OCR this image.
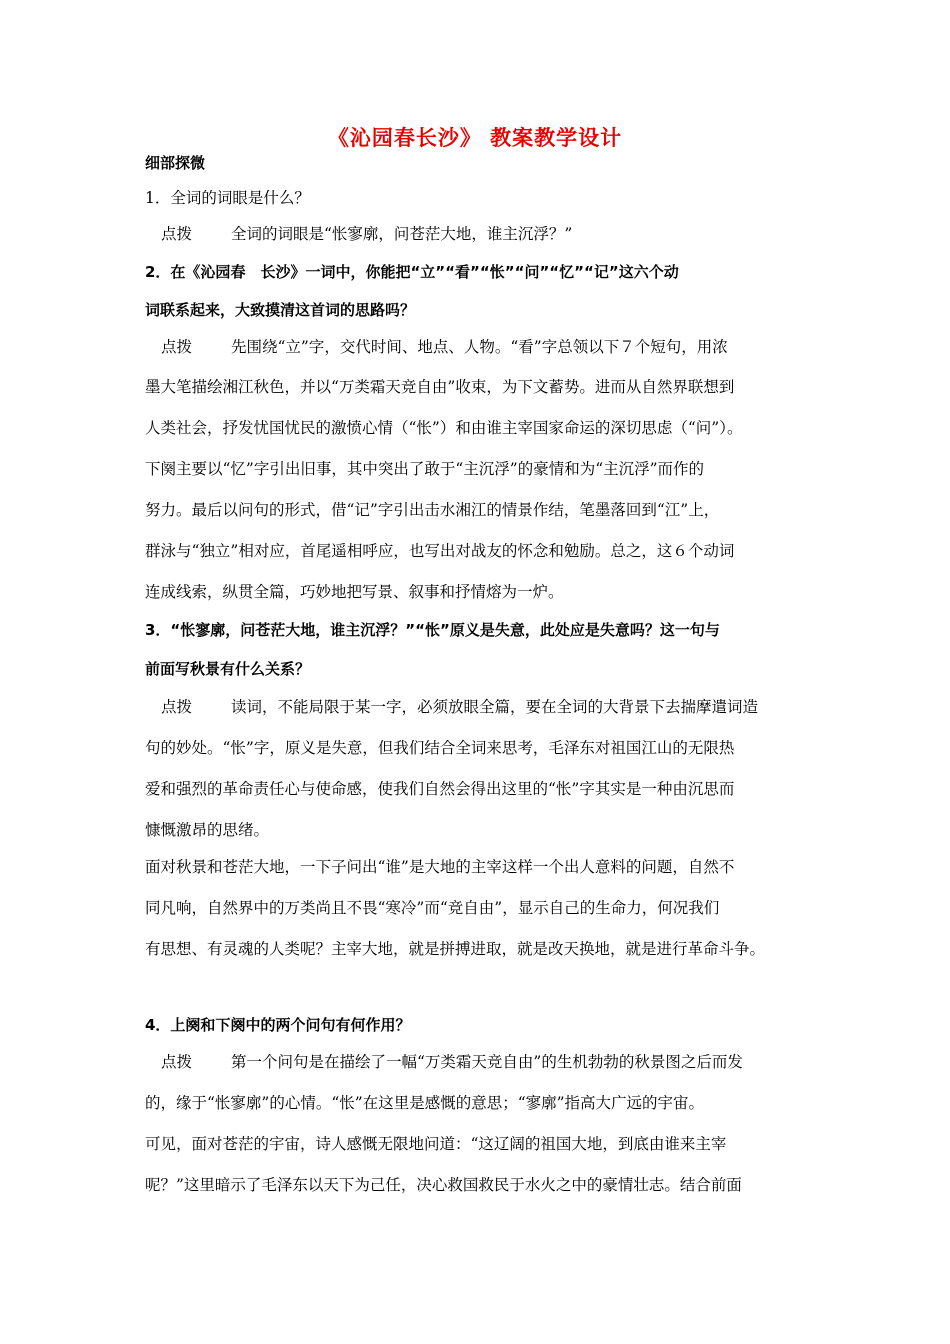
《沁园春长沙》 教案教学设计
细部探微
1．全词的词眼是什么？
点拨	全词的词眼是“怅寥廓，问苍茫大地，谁主沉浮？”
2．在《沁园春　长沙》一词中，你能把“立”“看”“怅”“问”“忆”“记”这六个动
词联系起来，大致摸清这首词的思路吗？
点拨	先围绕“立”字，交代时间、地点、人物。“看”字总领以下７个短句，用浓
墨大笔描绘湘江秋色，并以“万类霜天竞自由”收束，为下文蓄势。进而从自然界联想到
人类社会，抒发忧国忧民的激愤心情（“怅”）和由谁主宰国家命运的深切思虑（“问”）。
下阕主要以“忆”字引出旧事，其中突出了敢于“主沉浮”的豪情和为“主沉浮”而作的
努力。最后以问句的形式，借“记”字引出击水湘江的情景作结，笔墨落回到“江”上，
群泳与“独立”相对应，首尾遥相呼应，也写出对战友的怀念和勉励。总之，这６个动词
连成线索，纵贯全篇，巧妙地把写景、叙事和抒情熔为一炉。
3．“怅寥廓，问苍茫大地，谁主沉浮？”“怅”原义是失意，此处应是失意吗？这一句与
前面写秋景有什么关系？
点拨	读词，不能局限于某一字，必须放眼全篇，要在全词的大背景下去揣摩遣词造
句的妙处。“怅”字，原义是失意，但我们结合全词来思考，毛泽东对祖国江山的无限热
爱和强烈的革命责任心与使命感，使我们自然会得出这里的“怅”字其实是一种由沉思而
慷慨激昂的思绪。
面对秋景和苍茫大地，一下子问出“谁”是大地的主宰这样一个出人意料的问题，自然不
同凡响，自然界中的万类尚且不畏“寒冷”而“竞自由”，显示自己的生命力，何况我们
有思想、有灵魂的人类呢？主宰大地，就是拼搏进取，就是改天换地，就是进行革命斗争。
4．上阕和下阕中的两个问句有何作用？
点拨	第一个问句是在描绘了一幅“万类霜天竞自由”的生机勃勃的秋景图之后而发
的，缘于“怅寥廓”的心情。“怅”在这里是感慨的意思；“寥廓”指高大广远的宇宙。
可见，面对苍茫的宇宙，诗人感慨无限地问道：“这辽阔的祖国大地，到底由谁来主宰
呢？”这里暗示了毛泽东以天下为己任，决心救国救民于水火之中的豪情壮志。结合前面
